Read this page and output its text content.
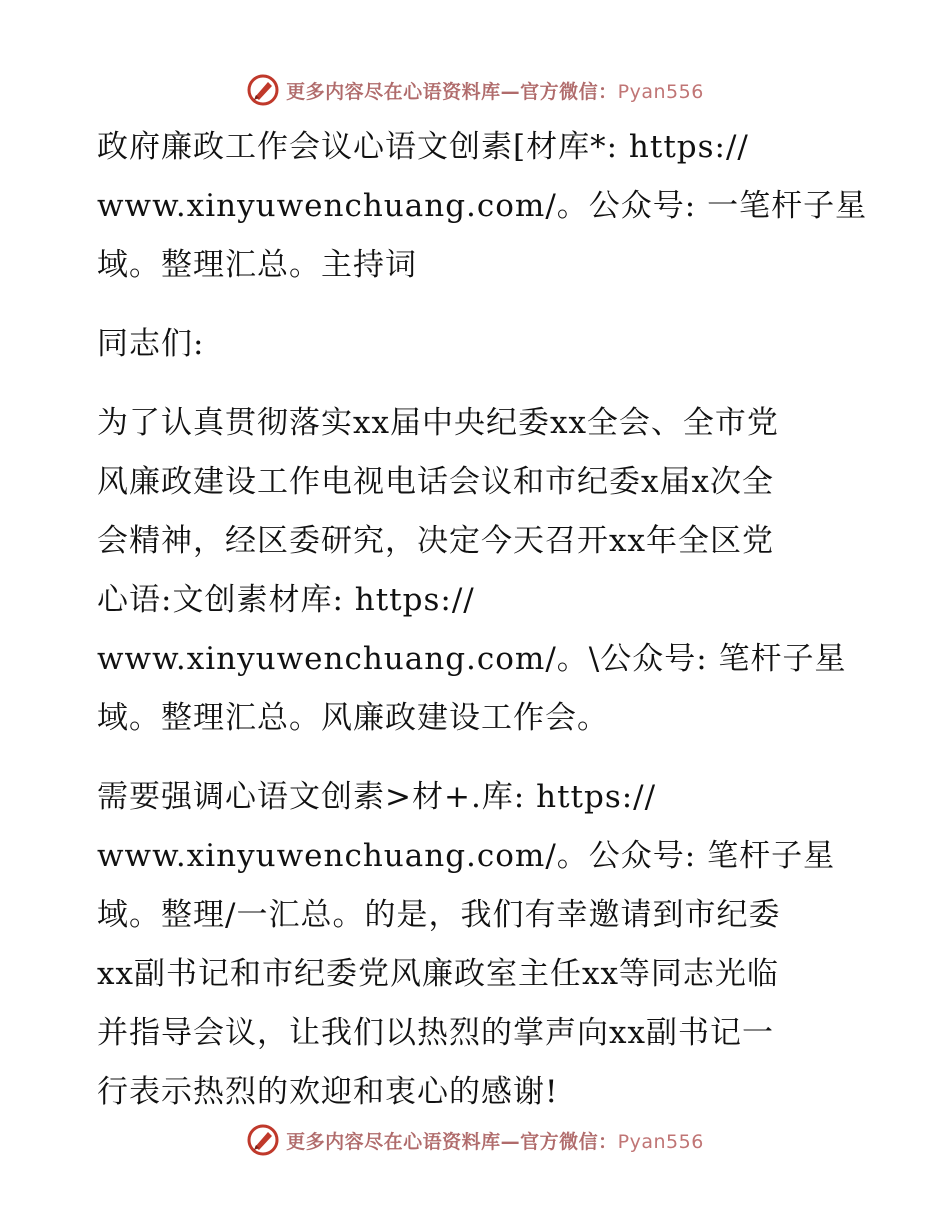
更多内容尽在心语资料库—官方微信：Pyan556

政府廉政工作会议心语文创素[材库*: https://
www.xinyuwenchuang.com/。公众号: 一笔杆子星
域。整理汇总。主持词

同志们:

为了认真贯彻落实xx届中央纪委xx全会、全市党
风廉政建设工作电视电话会议和市纪委x届x次全
会精神，经区委研究，决定今天召开xx年全区党
心语:文创素材库: https://
www.xinyuwenchuang.com/。\公众号: 笔杆子星
域。整理汇总。风廉政建设工作会。

需要强调心语文创素>材+.库: https://
www.xinyuwenchuang.com/。公众号: 笔杆子星
域。整理/一汇总。的是，我们有幸邀请到市纪委
xx副书记和市纪委党风廉政室主任xx等同志光临
并指导会议，让我们以热烈的掌声向xx副书记一
行表示热烈的欢迎和衷心的感谢!

更多内容尽在心语资料库—官方微信：Pyan556
